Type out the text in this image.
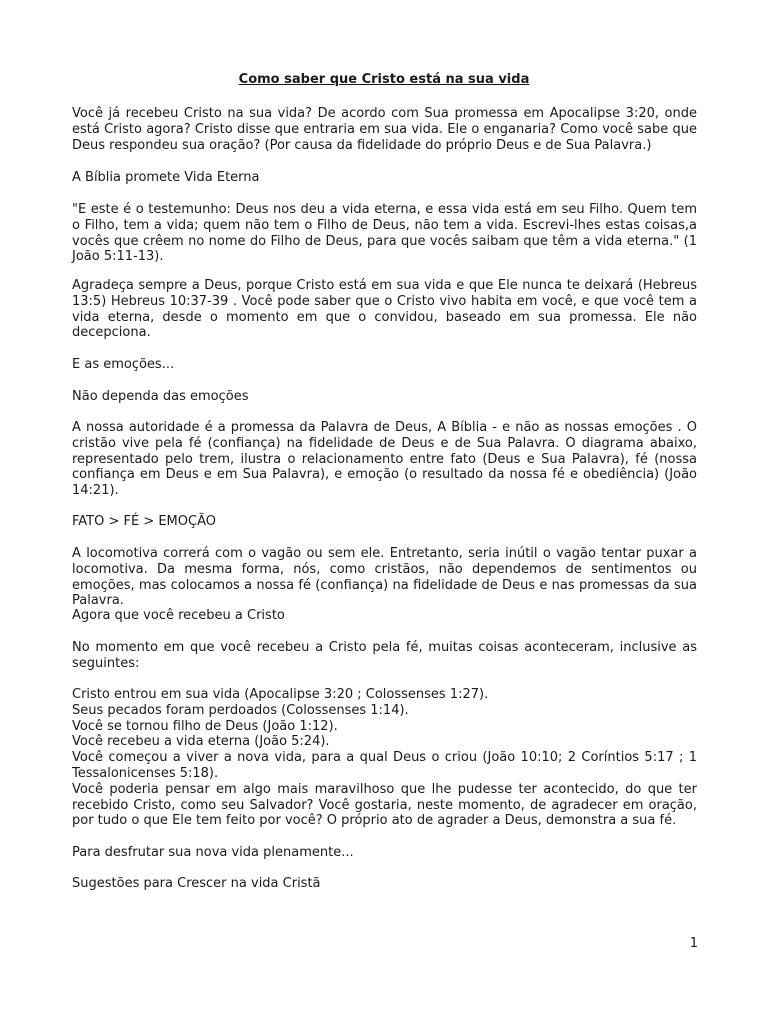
Como saber que Cristo está na sua vida

Você já recebeu Cristo na sua vida? De acordo com Sua promessa em Apocalipse 3:20, onde está Cristo agora? Cristo disse que entraria em sua vida. Ele o enganaria? Como você sabe que Deus respondeu sua oração? (Por causa da fidelidade do próprio Deus e de Sua Palavra.)

A Bíblia promete Vida Eterna

"E este é o testemunho: Deus nos deu a vida eterna, e essa vida está em seu Filho. Quem tem o Filho, tem a vida; quem não tem o Filho de Deus, não tem a vida. Escrevi-lhes estas coisas,a vocês que crêem no nome do Filho de Deus, para que vocês saibam que têm a vida eterna." (1 João 5:11-13).

Agradeça sempre a Deus, porque Cristo está em sua vida e que Ele nunca te deixará (Hebreus 13:5) Hebreus 10:37-39 . Você pode saber que o Cristo vivo habita em você, e que você tem a vida eterna, desde o momento em que o convidou, baseado em sua promessa. Ele não decepciona.

E as emoções...

Não dependa das emoções

A nossa autoridade é a promessa da Palavra de Deus, A Bíblia - e não as nossas emoções . O cristão vive pela fé (confiança) na fidelidade de Deus e de Sua Palavra. O diagrama abaixo, representado pelo trem, ilustra o relacionamento entre fato (Deus e Sua Palavra), fé (nossa confiança em Deus e em Sua Palavra), e emoção (o resultado da nossa fé e obediência) (João 14:21).

FATO > FÉ > EMOÇÃO

A locomotiva correrá com o vagão ou sem ele. Entretanto, seria inútil o vagão tentar puxar a locomotiva. Da mesma forma, nós, como cristãos, não dependemos de sentimentos ou emoções, mas colocamos a nossa fé (confiança) na fidelidade de Deus e nas promessas da sua Palavra.

Agora que você recebeu a Cristo

No momento em que você recebeu a Cristo pela fé, muitas coisas aconteceram, inclusive as seguintes:

Cristo entrou em sua vida (Apocalipse 3:20 ; Colossenses 1:27).
Seus pecados foram perdoados (Colossenses 1:14).
Você se tornou filho de Deus (João 1:12).
Você recebeu a vida eterna (João 5:24).
Você começou a viver a nova vida, para a qual Deus o criou (João 10:10; 2 Coríntios 5:17 ; 1 Tessalonicenses 5:18).
Você poderia pensar em algo mais maravilhoso que lhe pudesse ter acontecido, do que ter recebido Cristo, como seu Salvador? Você gostaria, neste momento, de agradecer em oração, por tudo o que Ele tem feito por você? O próprio ato de agrader a Deus, demonstra a sua fé.

Para desfrutar sua nova vida plenamente...

Sugestões para Crescer na vida Cristã

1
